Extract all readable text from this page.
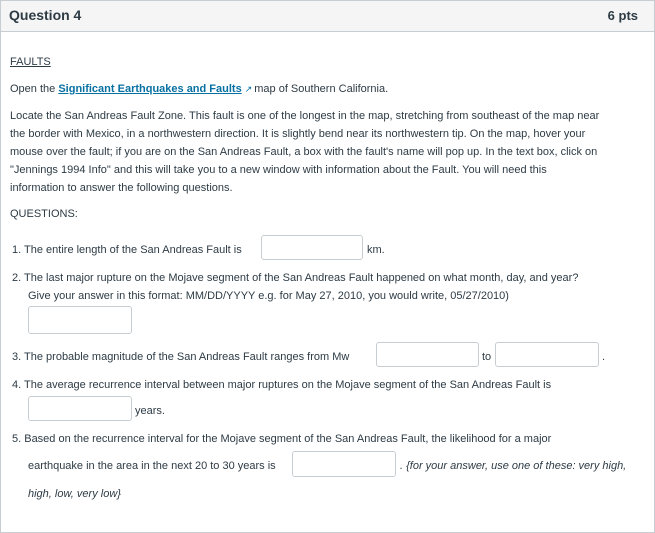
Question 4	6 pts
FAULTS
Open the Significant Earthquakes and Faults ↗ map of Southern California.
Locate the San Andreas Fault Zone. This fault is one of the longest in the map, stretching from southeast of the map near
the border with Mexico, in a northwestern direction. It is slightly bend near its northwestern tip. On the map, hover your
mouse over the fault; if you are on the San Andreas Fault, a box with the fault's name will pop up. In the text box, click on
"Jennings 1994 Info" and this will take you to a new window with information about the Fault. You will need this
information to answer the following questions.
QUESTIONS:
1. The entire length of the San Andreas Fault is	km.
2. The last major rupture on the Mojave segment of the San Andreas Fault happened on what month, day, and year?
Give your answer in this format: MM/DD/YYYY e.g. for May 27, 2010, you would write, 05/27/2010)
3. The probable magnitude of the San Andreas Fault ranges from Mw	to	.
4. The average recurrence interval between major ruptures on the Mojave segment of the San Andreas Fault is
years.
5. Based on the recurrence interval for the Mojave segment of the San Andreas Fault, the likelihood for a major
earthquake in the area in the next 20 to 30 years is	. {for your answer, use one of these: very high,
high, low, very low}
